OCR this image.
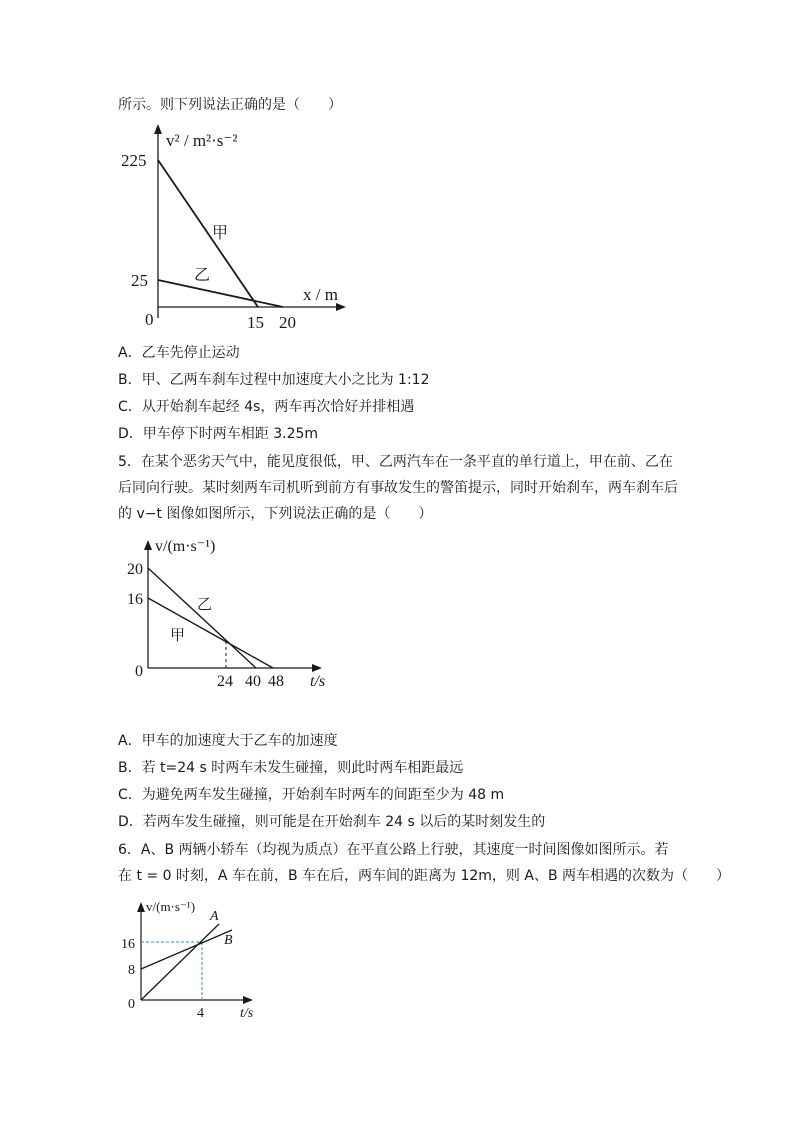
所示。则下列说法正确的是（　　）
v² / m²·s⁻²
x / m
0
225
25
15 20
甲
乙
A．乙车先停止运动
B．甲、乙两车刹车过程中加速度大小之比为 1:12
C．从开始刹车起经 4s，两车再次恰好并排相遇
D．甲车停下时两车相距 3.25m
5．在某个恶劣天气中，能见度很低，甲、乙两汽车在一条平直的单行道上，甲在前、乙在
后同向行驶。某时刻两车司机听到前方有事故发生的警笛提示，同时开始刹车，两车刹车后
的 v−t 图像如图所示，下列说法正确的是（　　）
v/(m·s⁻¹)
t/s
0
20
16
24 40 48
乙
甲
A．甲车的加速度大于乙车的加速度
B．若 t=24 s 时两车未发生碰撞，则此时两车相距最远
C．为避免两车发生碰撞，开始刹车时两车的间距至少为 48 m
D．若两车发生碰撞，则可能是在开始刹车 24 s 以后的某时刻发生的
6．A、B 两辆小轿车（均视为质点）在平直公路上行驶，其速度一时间图像如图所示。若
在 t = 0 时刻，A 车在前，B 车在后，两车间的距离为 12m，则 A、B 两车相遇的次数为（　　）
v/(m·s⁻¹)
t/s
0
16
8
4
A
B
